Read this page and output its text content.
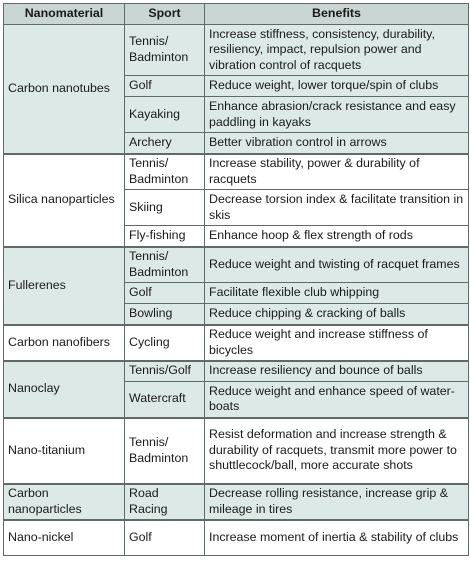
Nanomaterial	Sport	Benefits
Carbon nanotubes	Tennis/ Badminton	Increase stiffness, consistency, durability, resiliency, impact, repulsion power and vibration control of racquets
	Golf	Reduce weight, lower torque/spin of clubs
	Kayaking	Enhance abrasion/crack resistance and easy paddling in kayaks
	Archery	Better vibration control in arrows
Silica nanoparticles	Tennis/ Badminton	Increase stability, power & durability of racquets
	Skiing	Decrease torsion index & facilitate transition in skis
	Fly-fishing	Enhance hoop & flex strength of rods
Fullerenes	Tennis/ Badminton	Reduce weight and twisting of racquet frames
	Golf	Facilitate flexible club whipping
	Bowling	Reduce chipping & cracking of balls
Carbon nanofibers	Cycling	Reduce weight and increase stiffness of bicycles
Nanoclay	Tennis/Golf	Increase resiliency and bounce of balls
	Watercraft	Reduce weight and enhance speed of water-boats
Nano-titanium	Tennis/ Badminton	Resist deformation and increase strength & durability of racquets, transmit more power to shuttlecock/ball, more accurate shots
Carbon nanoparticles	Road Racing	Decrease rolling resistance, increase grip & mileage in tires
Nano-nickel	Golf	Increase moment of inertia & stability of clubs
